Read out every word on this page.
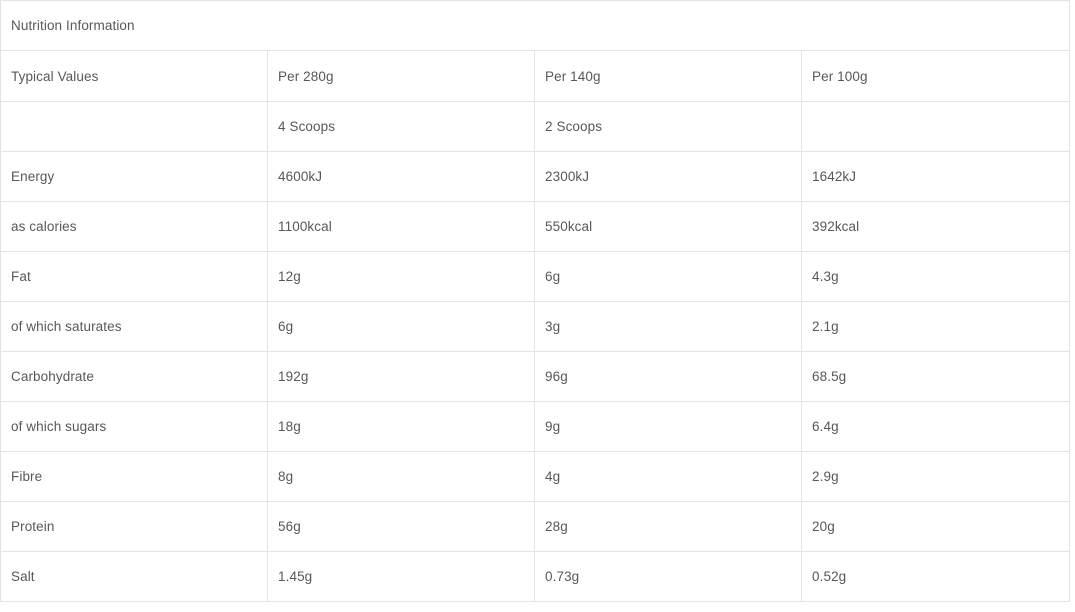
Nutrition Information			
Typical Values	Per 280g	Per 140g	Per 100g
	4 Scoops	2 Scoops	
Energy	4600kJ	2300kJ	1642kJ
as calories	1100kcal	550kcal	392kcal
Fat	12g	6g	4.3g
of which saturates	6g	3g	2.1g
Carbohydrate	192g	96g	68.5g
of which sugars	18g	9g	6.4g
Fibre	8g	4g	2.9g
Protein	56g	28g	20g
Salt	1.45g	0.73g	0.52g
